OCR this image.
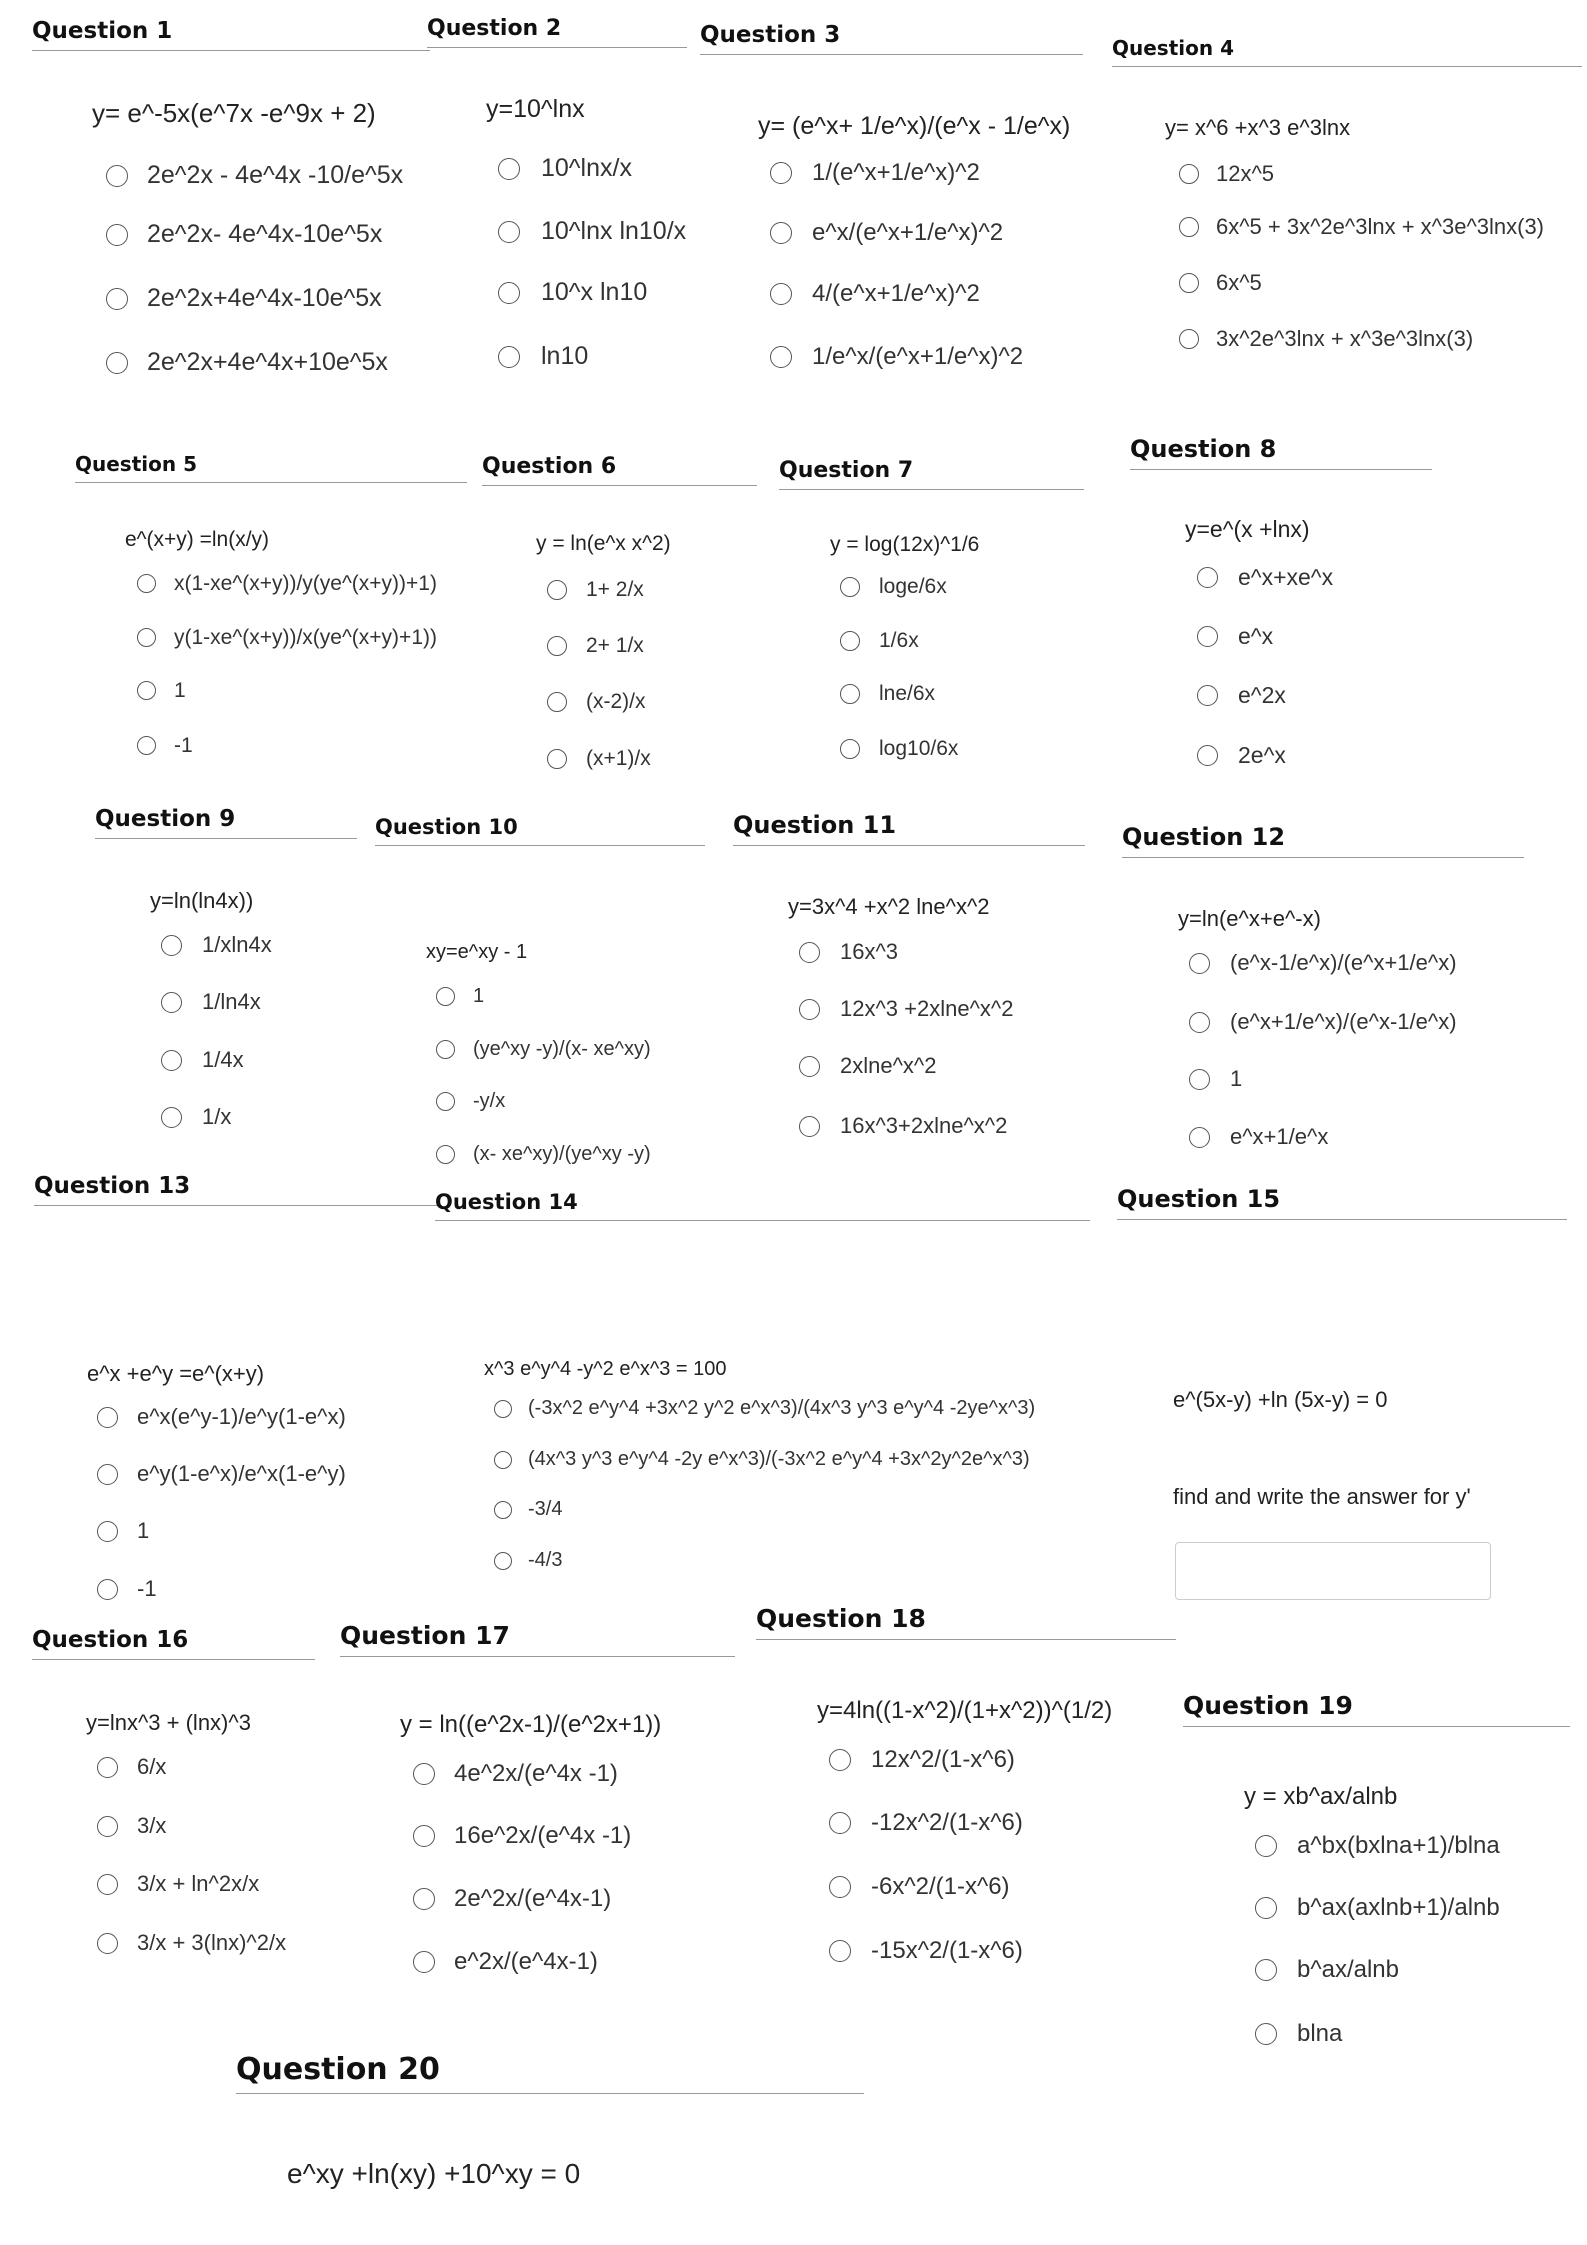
Question 1
y= e^-5x(e^7x -e^9x + 2)
2e^2x - 4e^4x -10/e^5x
2e^2x- 4e^4x-10e^5x
2e^2x+4e^4x-10e^5x
2e^2x+4e^4x+10e^5x
Question 2
y=10^lnx
10^lnx/x
10^lnx ln10/x
10^x ln10
ln10
Question 3
y= (e^x+ 1/e^x)/(e^x - 1/e^x)
1/(e^x+1/e^x)^2
e^x/(e^x+1/e^x)^2
4/(e^x+1/e^x)^2
1/e^x/(e^x+1/e^x)^2
Question 4
y= x^6 +x^3 e^3lnx
12x^5
6x^5 + 3x^2e^3lnx + x^3e^3lnx(3)
6x^5
3x^2e^3lnx + x^3e^3lnx(3)
Question 5
e^(x+y) =ln(x/y)
x(1-xe^(x+y))/y(ye^(x+y))+1)
y(1-xe^(x+y))/x(ye^(x+y)+1))
1
-1
Question 6
y = ln(e^x x^2)
1+ 2/x
2+ 1/x
(x-2)/x
(x+1)/x
Question 7
y = log(12x)^1/6
loge/6x
1/6x
lne/6x
log10/6x
Question 8
y=e^(x +lnx)
e^x+xe^x
e^x
e^2x
2e^x
Question 9
y=ln(ln4x))
1/xln4x
1/ln4x
1/4x
1/x
Question 10
xy=e^xy - 1
1
(ye^xy -y)/(x- xe^xy)
-y/x
(x- xe^xy)/(ye^xy -y)
Question 11
y=3x^4 +x^2 lne^x^2
16x^3
12x^3 +2xlne^x^2
2xlne^x^2
16x^3+2xlne^x^2
Question 12
y=ln(e^x+e^-x)
(e^x-1/e^x)/(e^x+1/e^x)
(e^x+1/e^x)/(e^x-1/e^x)
1
e^x+1/e^x
Question 13
e^x +e^y =e^(x+y)
e^x(e^y-1)/e^y(1-e^x)
e^y(1-e^x)/e^x(1-e^y)
1
-1
Question 14
x^3 e^y^4 -y^2 e^x^3 = 100
(-3x^2 e^y^4 +3x^2 y^2 e^x^3)/(4x^3 y^3 e^y^4 -2ye^x^3)
(4x^3 y^3 e^y^4 -2y e^x^3)/(-3x^2 e^y^4 +3x^2y^2e^x^3)
-3/4
-4/3
Question 15
e^(5x-y) +ln (5x-y) = 0
find and write the answer for y'
Question 16
y=lnx^3 + (lnx)^3
6/x
3/x
3/x + ln^2x/x
3/x + 3(lnx)^2/x
Question 17
y = ln((e^2x-1)/(e^2x+1))
4e^2x/(e^4x -1)
16e^2x/(e^4x -1)
2e^2x/(e^4x-1)
e^2x/(e^4x-1)
Question 18
y=4ln((1-x^2)/(1+x^2))^(1/2)
12x^2/(1-x^6)
-12x^2/(1-x^6)
-6x^2/(1-x^6)
-15x^2/(1-x^6)
Question 19
y = xb^ax/alnb
a^bx(bxlna+1)/blna
b^ax(axlnb+1)/alnb
b^ax/alnb
blna
Question 20
e^xy +ln(xy) +10^xy = 0
